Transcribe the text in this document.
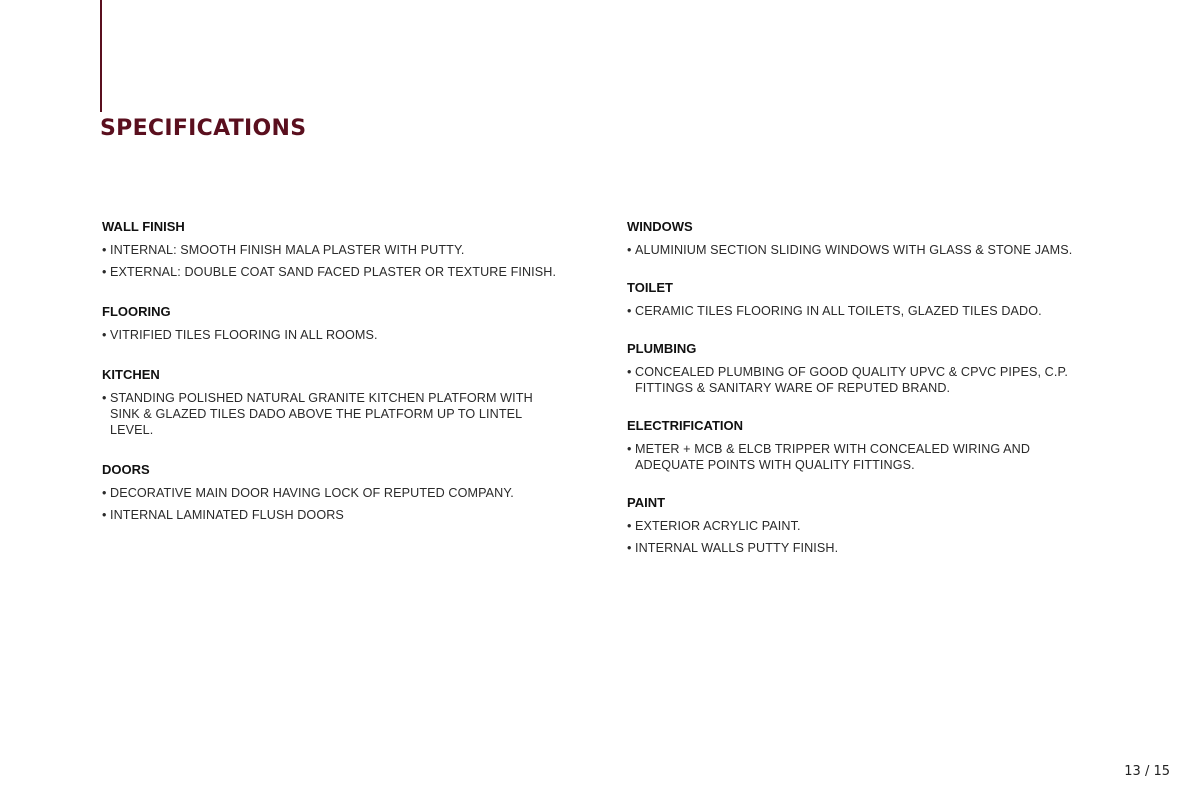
SPECIFICATIONS
WALL FINISH
• INTERNAL: SMOOTH FINISH MALA PLASTER WITH PUTTY.
• EXTERNAL: DOUBLE COAT SAND FACED PLASTER OR TEXTURE FINISH.
FLOORING
• VITRIFIED TILES FLOORING IN ALL ROOMS.
KITCHEN
• STANDING POLISHED NATURAL GRANITE KITCHEN PLATFORM WITH SINK & GLAZED TILES DADO ABOVE THE PLATFORM UP TO LINTEL LEVEL.
DOORS
• DECORATIVE MAIN DOOR HAVING LOCK OF REPUTED COMPANY.
• INTERNAL LAMINATED FLUSH DOORS
WINDOWS
• ALUMINIUM SECTION SLIDING WINDOWS WITH GLASS & STONE JAMS.
TOILET
• CERAMIC TILES FLOORING IN ALL TOILETS, GLAZED TILES DADO.
PLUMBING
• CONCEALED PLUMBING OF GOOD QUALITY UPVC & CPVC PIPES, C.P. FITTINGS & SANITARY WARE OF REPUTED BRAND.
ELECTRIFICATION
• METER + MCB & ELCB TRIPPER WITH CONCEALED WIRING AND ADEQUATE POINTS WITH QUALITY FITTINGS.
PAINT
• EXTERIOR ACRYLIC PAINT.
• INTERNAL WALLS PUTTY FINISH.
13 / 15
